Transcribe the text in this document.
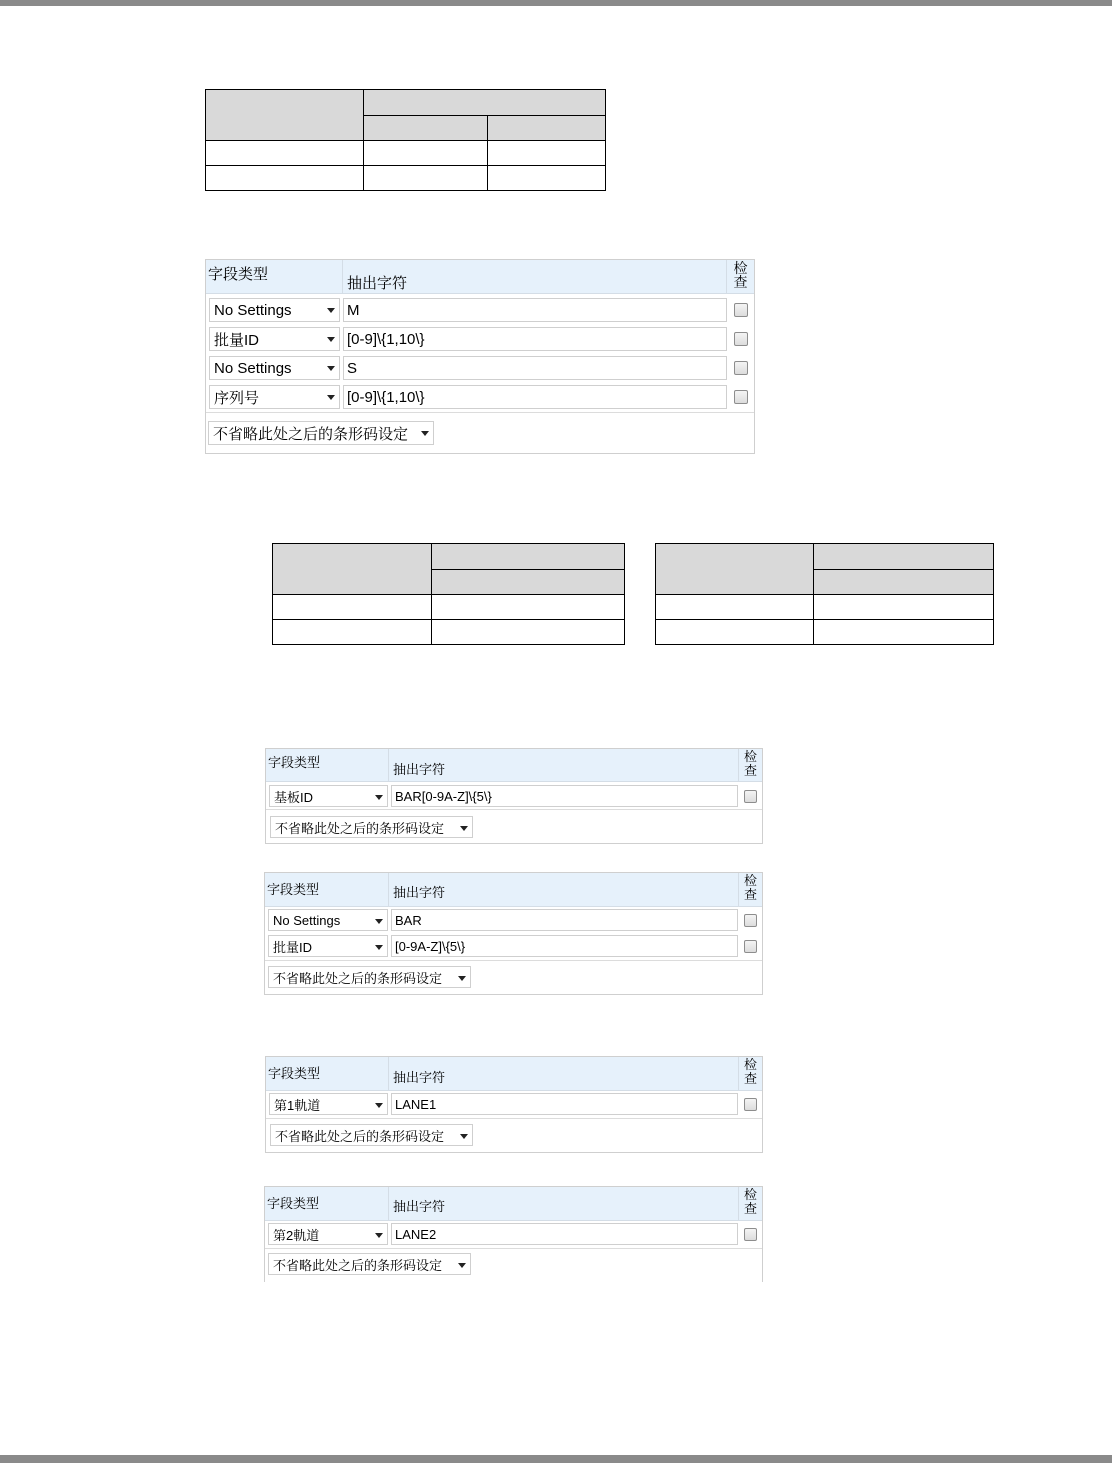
字段类型
抽出字符
检
查
No Settings	M
批量ID	[0-9]\{1,10\}
No Settings	S
序列号	[0-9]\{1,10\}
不省略此处之后的条形码设定

字段类型	抽出字符
检
查
基板ID	BAR[0-9A-Z]\{5\}
不省略此处之后的条形码设定
字段类型	抽出字符
检
查
No Settings	BAR
批量ID	[0-9A-Z]\{5\}
不省略此处之后的条形码设定
字段类型	抽出字符
检
查
第1軌道	LANE1
不省略此处之后的条形码设定
字段类型	抽出字符
检
查
第2軌道	LANE2
不省略此处之后的条形码设定
